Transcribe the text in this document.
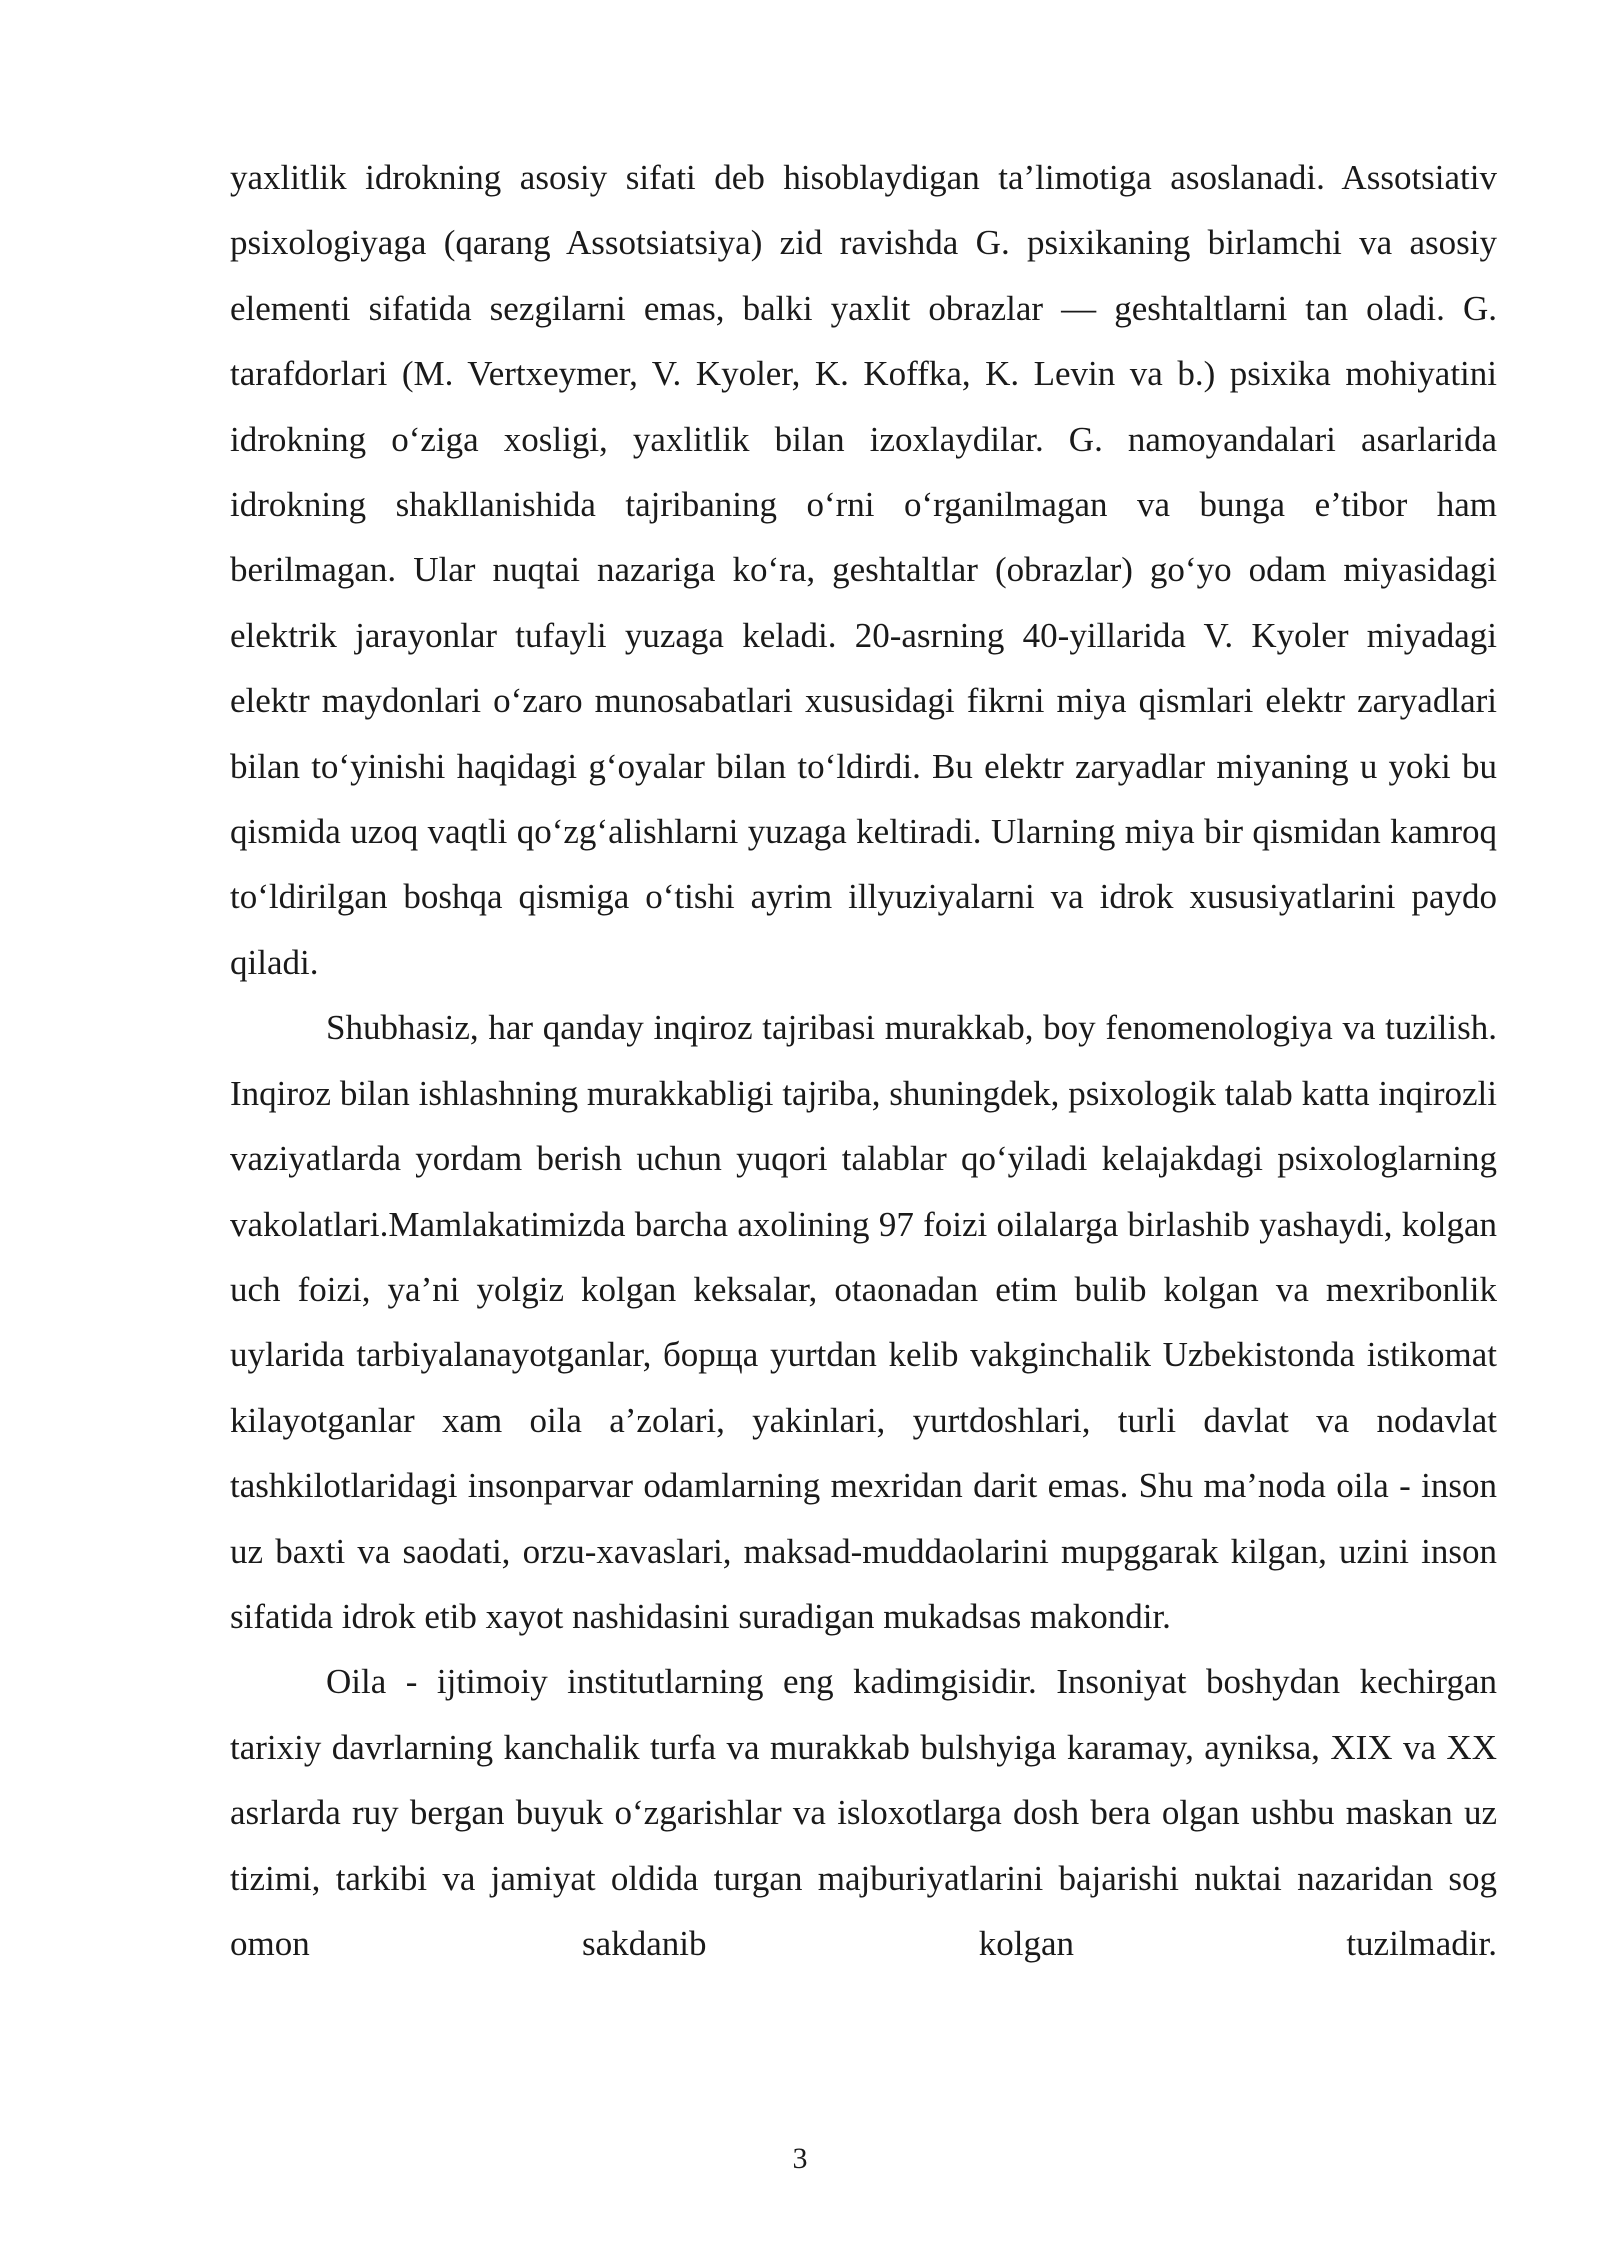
yaxlitlik idrokning asosiy sifati deb hisoblaydigan ta’limotiga asoslanadi. Assotsiativ psixologiyaga (qarang Assotsiatsiya) zid ravishda G. psixikaning birlamchi va asosiy elementi sifatida sezgilarni emas, balki yaxlit obrazlar — geshtaltlarni tan oladi. G. tarafdorlari (M. Vertxeymer, V. Kyoler, K. Koffka, K. Levin va b.) psixika mohiyatini idrokning oʻziga xosligi, yaxlitlik bilan izoxlaydilar. G. namoyandalari asarlarida idrokning shakllanishida tajribaning oʻrni oʻrganilmagan va bunga e’tibor ham berilmagan. Ular nuqtai nazariga koʻra, geshtaltlar (obrazlar) goʻyo odam miyasidagi elektrik jarayonlar tufayli yuzaga keladi. 20-asrning 40-yillarida V. Kyoler miyadagi elektr maydonlari oʻzaro munosabatlari xususidagi fikrni miya qismlari elektr zaryadlari bilan toʻyinishi haqidagi gʻoyalar bilan toʻldirdi. Bu elektr zaryadlar miyaning u yoki bu qismida uzoq vaqtli qoʻzgʻalishlarni yuzaga keltiradi. Ularning miya bir qismidan kamroq toʻldirilgan boshqa qismiga oʻtishi ayrim illyuziyalarni va idrok xususiyatlarini paydo qiladi.

Shubhasiz, har qanday inqiroz tajribasi murakkab, boy fenomenologiya va tuzilish. Inqiroz bilan ishlashning murakkabligi tajriba, shuningdek, psixologik talab katta inqirozli vaziyatlarda yordam berish uchun yuqori talablar qoʻyiladi kelajakdagi psixologlarning vakolatlari.Mamlakatimizda barcha axolining 97 foizi oilalarga birlashib yashaydi, kolgan uch foizi, ya’ni yolgiz kolgan keksalar, otaonadan etim bulib kolgan va mexribonlik uylarida tarbiyalanayotganlar, борща yurtdan kelib vakginchalik Uzbekistonda istikomat kilayotganlar xam oila a’zolari, yakinlari, yurtdoshlari, turli davlat va nodavlat tashkilotlaridagi insonparvar odamlarning mexridan darit emas. Shu ma’noda oila - inson uz baxti va saodati, orzu-xavaslari, maksad-muddaolarini mupggarak kilgan, uzini inson sifatida idrok etib xayot nashidasini suradigan mukadsas makondir.

Oila - ijtimoiy institutlarning eng kadimgisidir. Insoniyat boshydan kechirgan tarixiy davrlarning kanchalik turfa va murakkab bulshyiga karamay, ayniksa, XIX va XX asrlarda ruy bergan buyuk oʻzgarishlar va isloxotlarga dosh bera olgan ushbu maskan uz tizimi, tarkibi va jamiyat oldida turgan majburiyatlarini bajarishi nuktai nazaridan sog omon sakdanib kolgan tuzilmadir.

3
